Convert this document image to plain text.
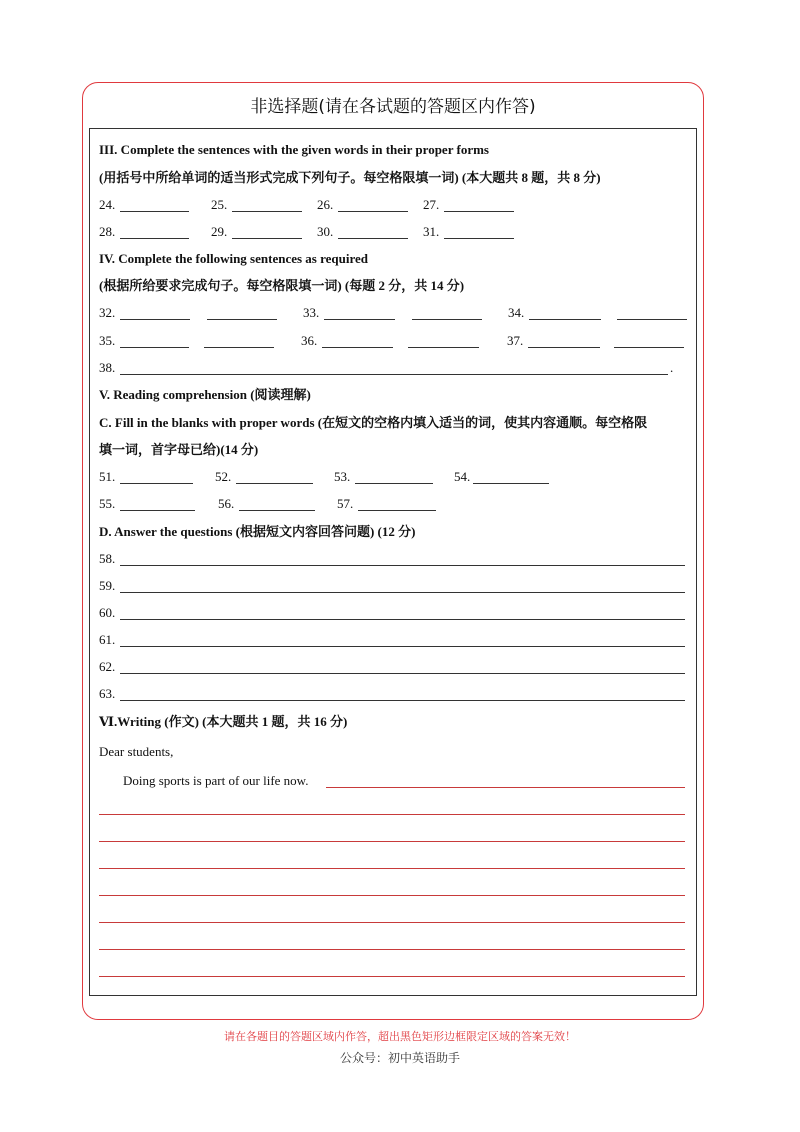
非选择题(请在各试题的答题区内作答)
III. Complete the sentences with the given words in their proper forms
(用括号中所给单词的适当形式完成下列句子。每空格限填一词) (本大题共 8 题，共 8 分)
24.	25.	26.	27.
28.	29.	30.	31.
IV. Complete the following sentences as required
(根据所给要求完成句子。每空格限填一词) (每题 2 分，共 14 分)
32.	33.	34.
35.	36.	37.
38.	.
V. Reading comprehension (阅读理解)
C. Fill in the blanks with proper words (在短文的空格内填入适当的词，使其内容通顺。每空格限
填一词，首字母已给)(14 分)
51.	52.	53.	54.
55.	56.	57.
D. Answer the questions (根据短文内容回答问题) (12 分)
58.
59.
60.
61.
62.
63.
Ⅵ.Writing (作文) (本大题共 1 题，共 16 分)
Dear students,
Doing sports is part of our life now.
请在各题目的答题区域内作答，超出黑色矩形边框限定区域的答案无效！
公众号：初中英语助手
